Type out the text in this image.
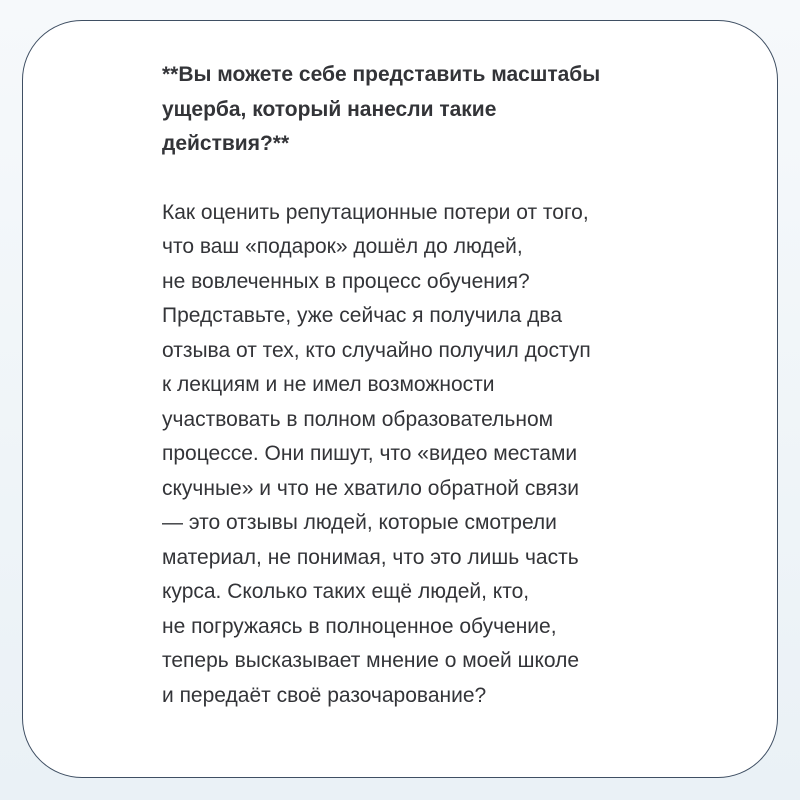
**Вы можете себе представить масштабы
ущерба, который нанесли такие
действия?**
Как оценить репутационные потери от того,
что ваш «подарок» дошёл до людей,
не вовлеченных в процесс обучения?
Представьте, уже сейчас я получила два
отзыва от тех, кто случайно получил доступ
к лекциям и не имел возможности
участвовать в полном образовательном
процессе. Они пишут, что «видео местами
скучные» и что не хватило обратной связи
— это отзывы людей, которые смотрели
материал, не понимая, что это лишь часть
курса. Сколько таких ещё людей, кто,
не погружаясь в полноценное обучение,
теперь высказывает мнение о моей школе
и передаёт своё разочарование?
